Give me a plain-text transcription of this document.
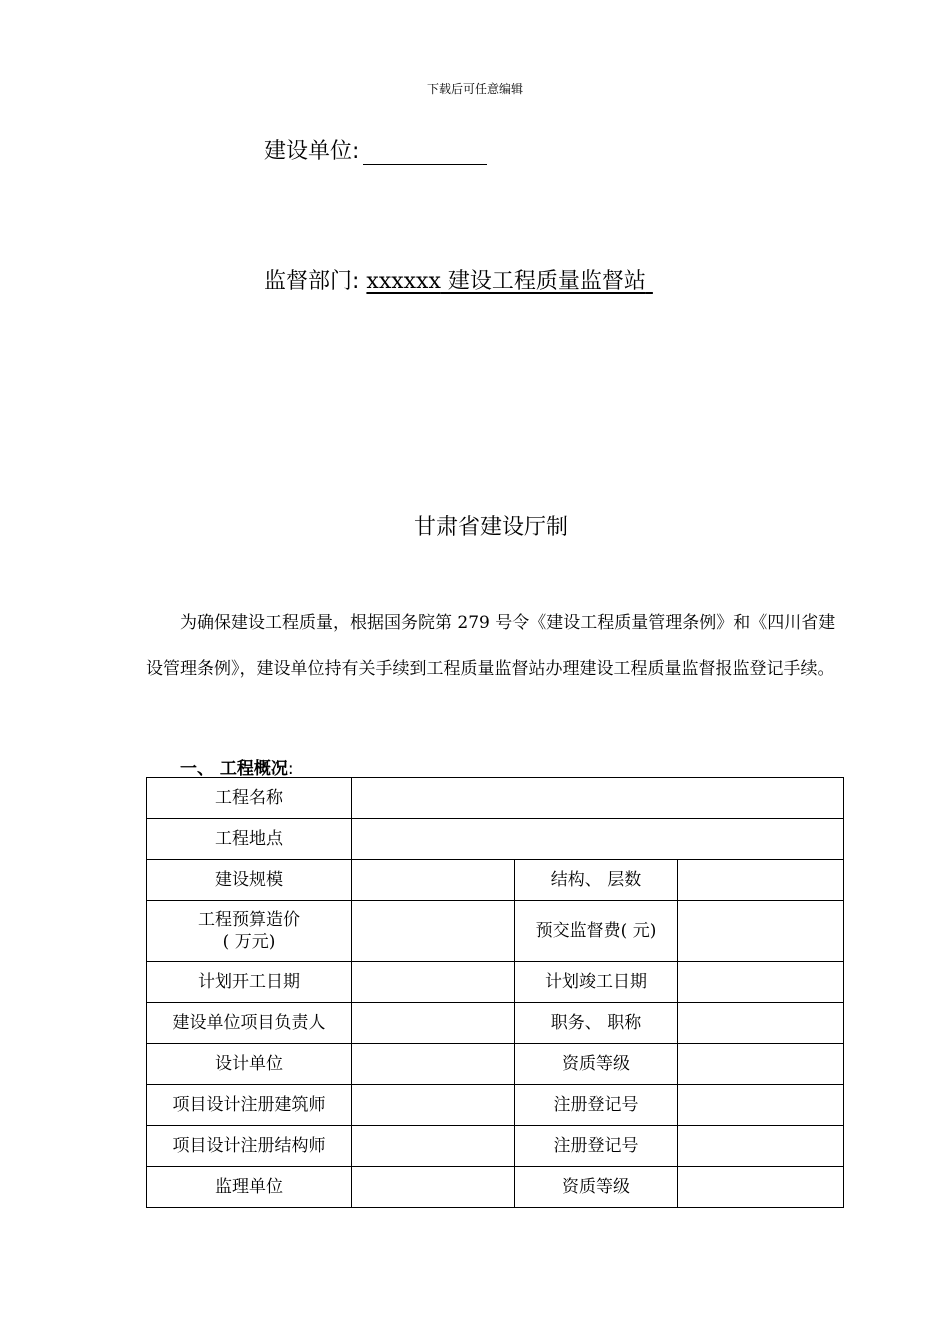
下载后可任意编辑
建设单位:
监督部门: xxxxxx 建设工程质量监督站
甘肃省建设厅制
为确保建设工程质量，根据国务院第 279 号令《建设工程质量管理条例》和《四川省建设管理条例》，建设单位持有关手续到工程质量监督站办理建设工程质量监督报监登记手续。
一、 工程概况:
工程名称			
工程地点			
建设规模		结构、 层数	

工程预算造价
( 万元)		预交监督费( 元)	
计划开工日期		计划竣工日期	
建设单位项目负责人		职务、 职称	
设计单位		资质等级	
项目设计注册建筑师		注册登记号	
项目设计注册结构师		注册登记号	
监理单位		资质等级	
